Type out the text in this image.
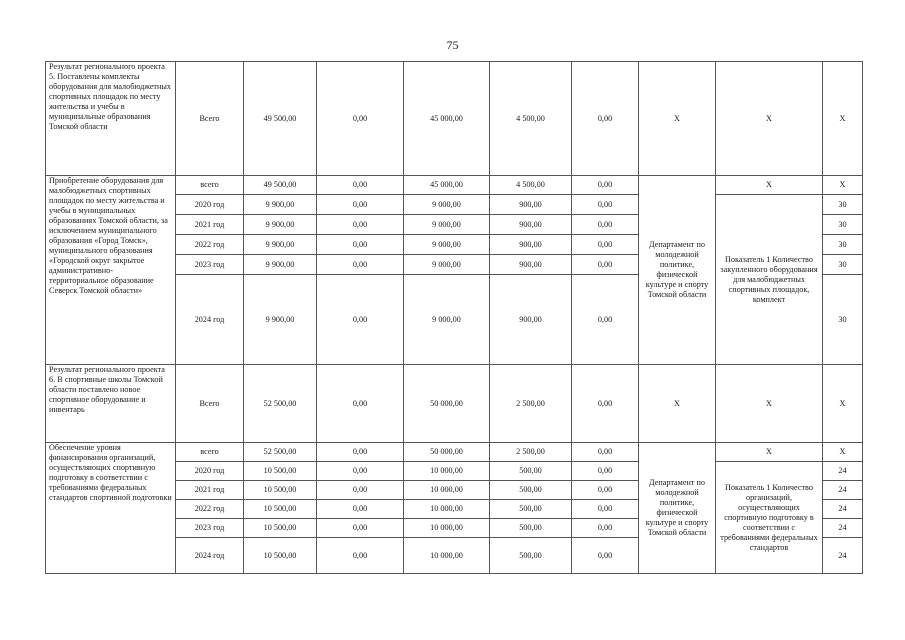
75
Результат регионального проекта 5. Поставлены комплекты оборудования для малобюджетных спортивных площадок по месту жительства и учебы в муниципальные образования Томской области	Всего	49 500,00	0,00	45 000,00	4 500,00	0,00	Х	Х	Х
Приобретение оборудования для малобюджетных спортивных площадок по месту жительства и учебы в муниципальных образованиях Томской области, за исключением муниципального образования «Город Томск», муниципального образования «Городской округ закрытое административно-территориальное образование Северск Томской области»	всего	49 500,00	0,00	45 000,00	4 500,00	0,00	Департамент по молодежной политике, физической культуре и спорту Томской области	Х	Х
	2020 год	9 900,00	0,00	9 000,00	900,00	0,00		Показатель 1 Количество закупленного оборудования для малобюджетных спортивных площадок, комплект	30
	2021 год	9 900,00	0,00	9 000,00	900,00	0,00			30
	2022 год	9 900,00	0,00	9 000,00	900,00	0,00			30
	2023 год	9 900,00	0,00	9 000,00	900,00	0,00			30
	2024 год	9 900,00	0,00	9 000,00	900,00	0,00			30
Результат регионального проекта 6. В спортивные школы Томской области поставлено новое спортивное оборудование и инвентарь	Всего	52 500,00	0,00	50 000,00	2 500,00	0,00	Х	Х	Х
Обеспечение уровня финансирования организаций, осуществляющих спортивную подготовку в соответствии с требованиями федеральных стандартов спортивной подготовки	всего	52 500,00	0,00	50 000,00	2 500,00	0,00	Департамент по молодежной политике, физической культуре и спорту Томской области	Х	Х
	2020 год	10 500,00	0,00	10 000,00	500,00	0,00		Показатель 1 Количество организаций, осуществляющих спортивную подготовку в соответствии с требованиями федеральных стандартов	24
	2021 год	10 500,00	0,00	10 000,00	500,00	0,00			24
	2022 год	10 500,00	0,00	10 000,00	500,00	0,00			24
	2023 год	10 500,00	0,00	10 000,00	500,00	0,00			24
	2024 год	10 500,00	0,00	10 000,00	500,00	0,00			24
